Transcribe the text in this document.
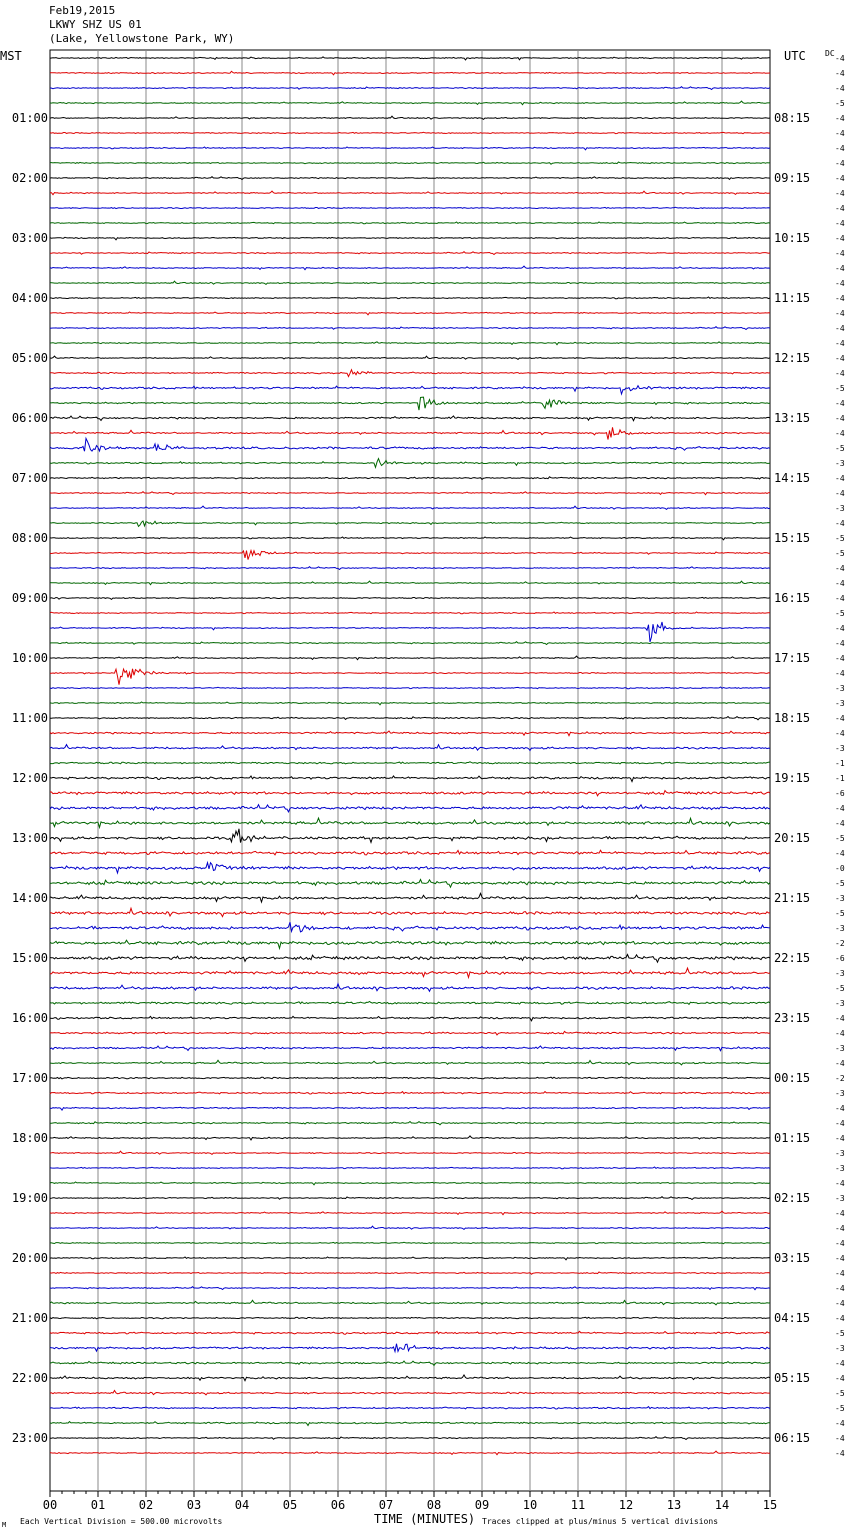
00	01	02	03	04	05	06	07	08	09	10	11	12	13	14	15
-4
-4
-4
-5
-4
01:00	08:15
-4
-4
-4
-4
02:00	09:15
-4
-4
-4
-4
03:00	10:15
-4
-4
-4
-4
04:00	11:15
-4
-4
-4
-4
05:00	12:15
-4
-5
-4
-4
06:00	13:15
-4
-5
-3
-4
07:00	14:15
-4
-3
-4
-5
08:00	15:15
-5
-4
-4
-4
09:00	16:15
-5
-4
-4
-4
10:00	17:15
-4
-3
-3
-4
11:00	18:15
-4
-3
-1
-1
12:00	19:15
-6
-4
-4
-5
13:00	20:15
-4
-0
-5
-3
14:00	21:15
-5
-3
-2
-6
15:00	22:15
-3
-5
-3
-4
16:00	23:15
-4
-3
-4
-2
17:00	00:15
-3
-4
-4
-4
18:00	01:15
-3
-3
-4
-3
19:00	02:15
-4
-4
-4
-4
20:00	03:15
-4
-4
-4
-4
21:00	04:15
-5
-3
-4
-4
22:00	05:15
-5
-5
-4
-4
23:00	06:15
-4
MST	UTC DC
M Each Vertical Division = 500.00 microvolts	TIME (MINUTES) Traces clipped at plus/minus 5 vertical divisions
Feb19,2015
LKWY SHZ US 01
(Lake, Yellowstone Park, WY)
